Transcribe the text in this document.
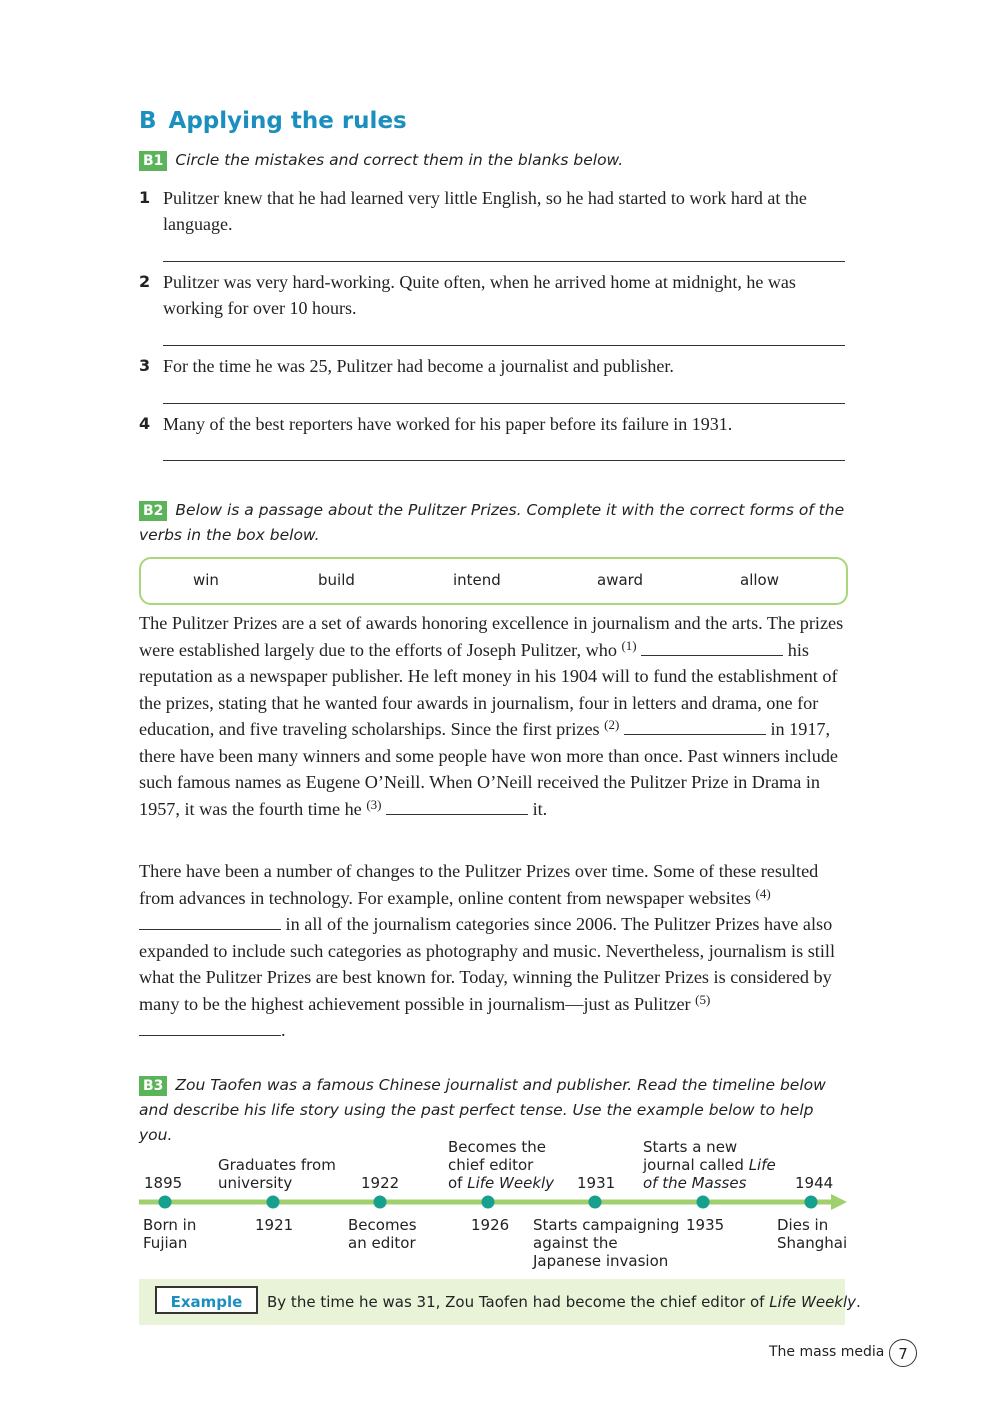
B Applying the rules
B1 Circle the mistakes and correct them in the blanks below.
1 Pulitzer knew that he had learned very little English, so he had started to work hard at the language.
2 Pulitzer was very hard-working. Quite often, when he arrived home at midnight, he was working for over 10 hours.
3 For the time he was 25, Pulitzer had become a journalist and publisher.
4 Many of the best reporters have worked for his paper before its failure in 1931.
B2 Below is a passage about the Pulitzer Prizes. Complete it with the correct forms of the verbs in the box below.
win	build	intend	award	allow
The Pulitzer Prizes are a set of awards honoring excellence in journalism and the arts. The prizes were established largely due to the efforts of Joseph Pulitzer, who $^{(1)}$	his reputation as a newspaper publisher. He left money in his 1904 will to fund the establishment of the prizes, stating that he wanted four awards in journalism, four in letters and drama, one for education, and five traveling scholarships. Since the first prizes $^{(2)}$	in 1917, there have been many winners and some people have won more than once. Past winners include such famous names as Eugene O’Neill. When O’Neill received the Pulitzer Prize in Drama in 1957, it was the fourth time he $^{(3)}$	it.
There have been a number of changes to the Pulitzer Prizes over time. Some of these resulted from advances in technology. For example, online content from newspaper websites $^{(4)}$  in all of the journalism categories since 2006. The Pulitzer Prizes have also expanded to include such categories as photography and music. Nevertheless, journalism is still what the Pulitzer Prizes are best known for. Today, winning the Pulitzer Prizes is considered by many to be the highest achievement possible in journalism—just as Pulitzer $^{(5)}$ .
B3 Zou Taofen was a famous Chinese journalist and publisher. Read the timeline below and describe his life story using the past perfect tense. Use the example below to help you.
1895
Graduates from
university	1922
Becomes the
chief editor
of Life Weekly 1931
Starts a new
journal called Life
of the Masses	1944
Born in
Fujian
1921	Becomes
an editor
1926 Starts campaigning
against the
Japanese invasion
1935	Dies in
Shanghai
Example	By the time he was 31, Zou Taofen had become the chief editor of Life Weekly.
The mass media 7
